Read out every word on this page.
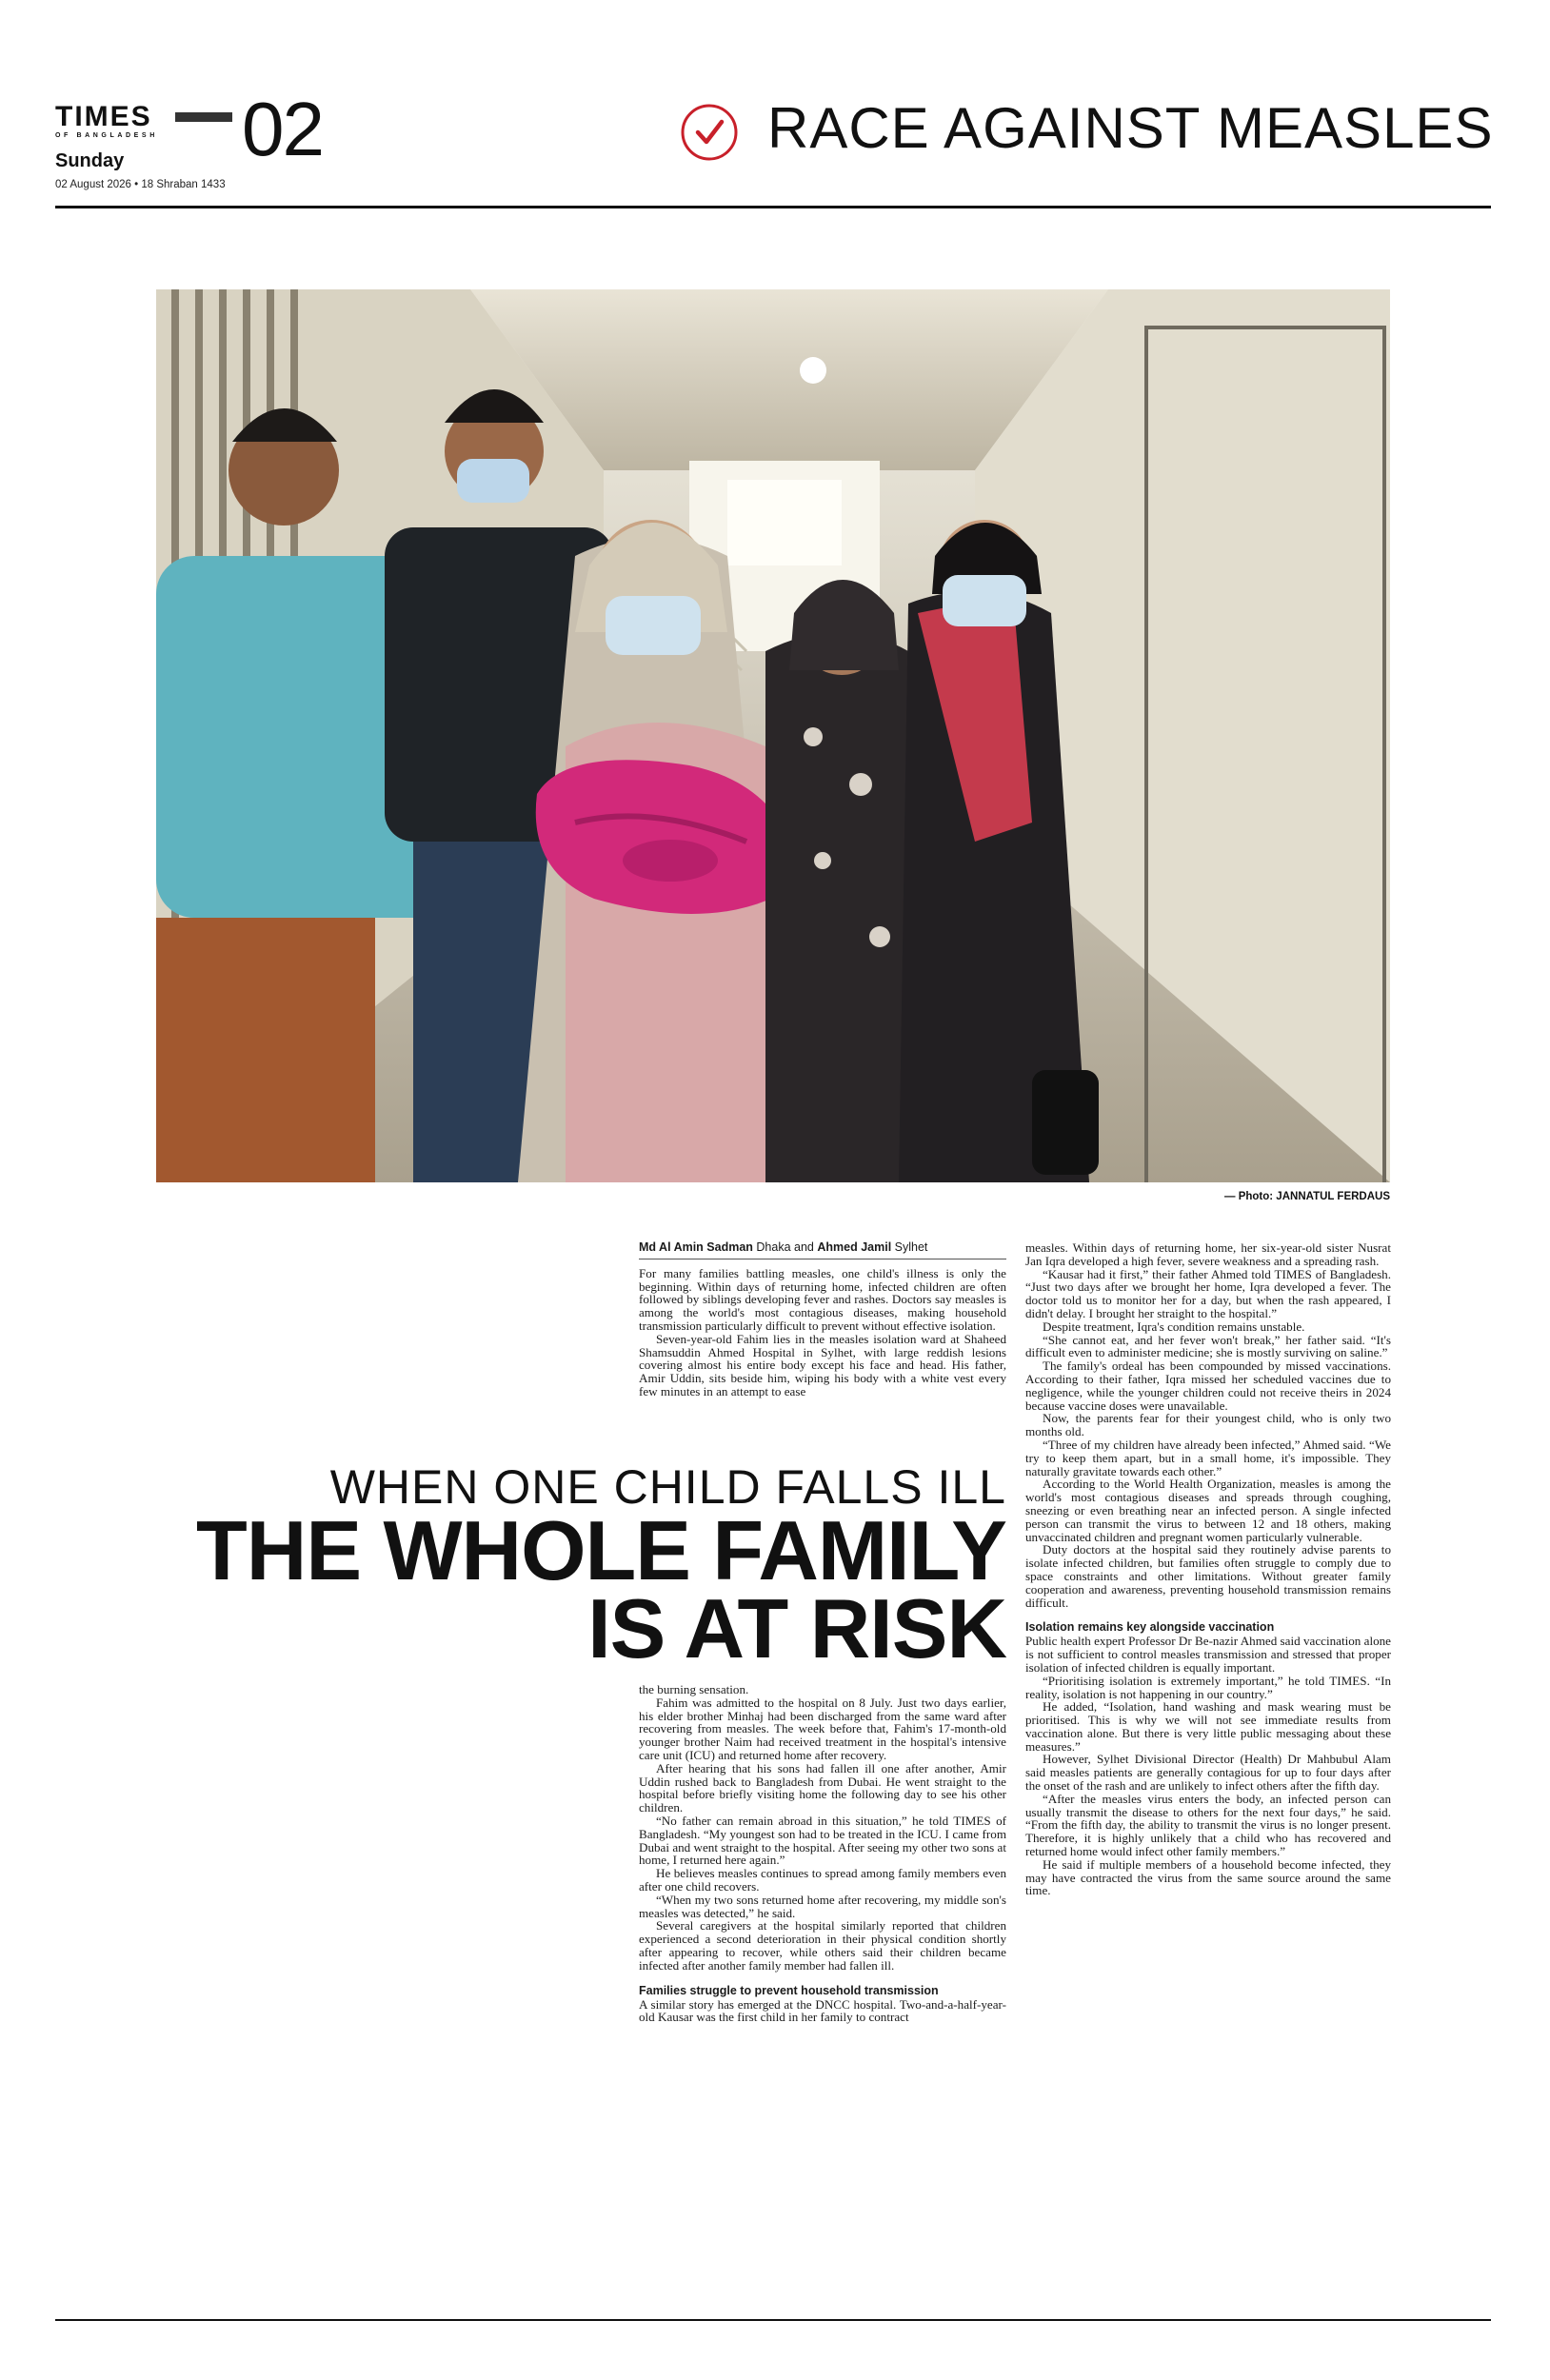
TIMES
OF BANGLADESH 02
Sunday
02 August 2026 • 18 Shraban 1433
RACE AGAINST MEASLES
— Photo: JANNATUL FERDAUS
WHEN ONE CHILD FALLS ILL
THE WHOLE FAMILY
IS AT RISK
Md Al Amin Sadman Dhaka and Ahmed Jamil Sylhet

For many families battling measles, one child's illness is only the beginning. Within days of returning home, infected children are often followed by siblings developing fever and rashes. Doctors say measles is among the world's most contagious diseases, making household transmission particularly difficult to prevent without effective isolation.

Seven-year-old Fahim lies in the measles isolation ward at Shaheed Shamsuddin Ahmed Hospital in Sylhet, with large reddish lesions covering almost his entire body except his face and head. His father, Amir Uddin, sits beside him, wiping his body with a white vest every few minutes in an attempt to ease

the burning sensation.

Fahim was admitted to the hospital on 8 July. Just two days earlier, his elder brother Minhaj had been discharged from the same ward after recovering from measles. The week before that, Fahim's 17-month-old younger brother Naim had received treatment in the hospital's intensive care unit (ICU) and returned home after recovery.

After hearing that his sons had fallen ill one after another, Amir Uddin rushed back to Bangladesh from Dubai. He went straight to the hospital before briefly visiting home the following day to see his other children.

“No father can remain abroad in this situation,” he told TIMES of Bangladesh. “My youngest son had to be treated in the ICU. I came from Dubai and went straight to the hospital. After seeing my other two sons at home, I returned here again.”

He believes measles continues to spread among family members even after one child recovers.

“When my two sons returned home after recovering, my middle son's measles was detected,” he said.

Several caregivers at the hospital similarly reported that children experienced a second deterioration in their physical condition shortly after appearing to recover, while others said their children became infected after another family member had fallen ill.

Families struggle to prevent household transmission

A similar story has emerged at the DNCC hospital. Two-and-a-half-year-old Kausar was the first child in her family to contract

measles. Within days of returning home, her six-year-old sister Nusrat Jan Iqra developed a high fever, severe weakness and a spreading rash.

“Kausar had it first,” their father Ahmed told TIMES of Bangladesh. “Just two days after we brought her home, Iqra developed a fever. The doctor told us to monitor her for a day, but when the rash appeared, I didn't delay. I brought her straight to the hospital.”

Despite treatment, Iqra's condition remains unstable.

“She cannot eat, and her fever won't break,” her father said. “It's difficult even to administer medicine; she is mostly surviving on saline.”

The family's ordeal has been compounded by missed vaccinations. According to their father, Iqra missed her scheduled vaccines due to negligence, while the younger children could not receive theirs in 2024 because vaccine doses were unavailable.

Now, the parents fear for their youngest child, who is only two months old.

“Three of my children have already been infected,” Ahmed said. “We try to keep them apart, but in a small home, it's impossible. They naturally gravitate towards each other.”

According to the World Health Organization, measles is among the world's most contagious diseases and spreads through coughing, sneezing or even breathing near an infected person. A single infected person can transmit the virus to between 12 and 18 others, making unvaccinated children and pregnant women particularly vulnerable.

Duty doctors at the hospital said they routinely advise parents to isolate infected children, but families often struggle to comply due to space constraints and other limitations. Without greater family cooperation and awareness, preventing household transmission remains difficult.

Isolation remains key alongside vaccination

Public health expert Professor Dr Be-nazir Ahmed said vaccination alone is not sufficient to control measles transmission and stressed that proper isolation of infected children is equally important.

“Prioritising isolation is extremely important,” he told TIMES. “In reality, isolation is not happening in our country.”

He added, “Isolation, hand washing and mask wearing must be prioritised. This is why we will not see immediate results from vaccination alone. But there is very little public messaging about these measures.”

However, Sylhet Divisional Director (Health) Dr Mahbubul Alam said measles patients are generally contagious for up to four days after the onset of the rash and are unlikely to infect others after the fifth day.

“After the measles virus enters the body, an infected person can usually transmit the disease to others for the next four days,” he said. “From the fifth day, the ability to transmit the virus is no longer present. Therefore, it is highly unlikely that a child who has recovered and returned home would infect other family members.”

He said if multiple members of a household become infected, they may have contracted the virus from the same source around the same time.
